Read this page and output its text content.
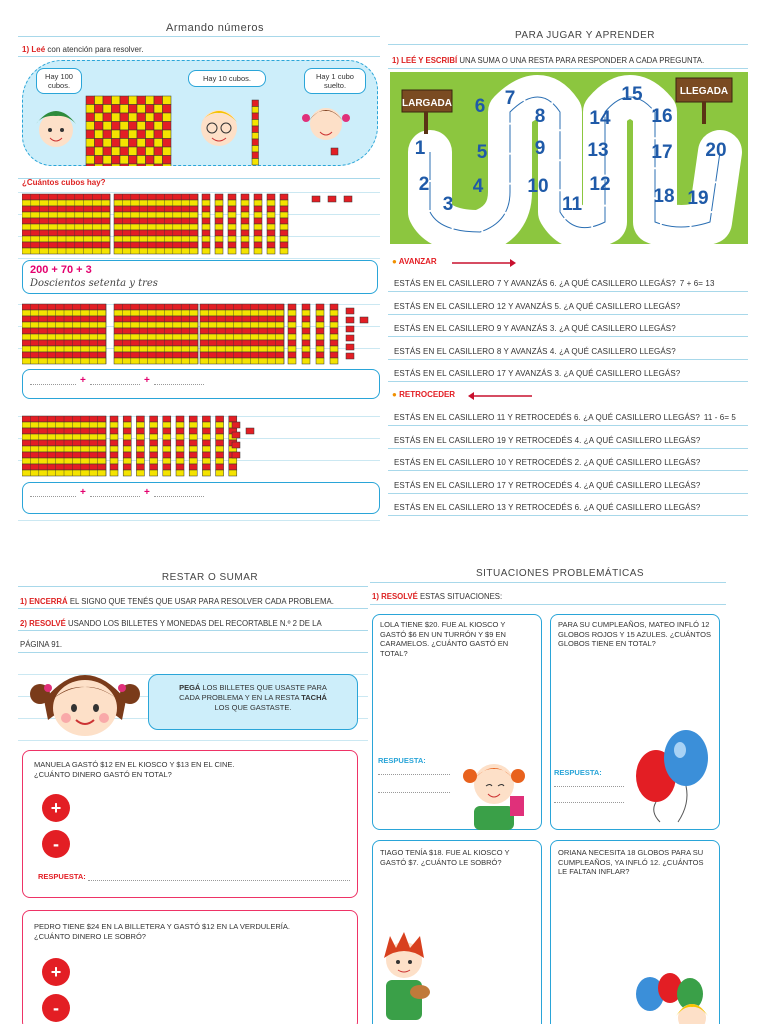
Armando números
1) Leé con atención para resolver.
Hay 100 cubos.
Hay 10 cubos.	Hay 1 cubo suelto.
¿Cuántos cubos hay?
200 + 70 + 3
Doscientos setenta y tres
+	+
+	+
PARA JUGAR Y APRENDER
1) LEÉ Y ESCRIBÍ UNA SUMA O UNA RESTA PARA RESPONDER A CADA PREGUNTA.
LARGADA
LLEGADA
1
2
3
4
5
6 7
8
9
10
11
12
13
14
15
16
17
18 19
20
● AVANZAR
ESTÁS EN EL CASILLERO 7 Y AVANZÁS 6. ¿A QUÉ CASILLERO LLEGÁS? 7 + 6= 13
ESTÁS EN EL CASILLERO 12 Y AVANZÁS 5. ¿A QUÉ CASILLERO LLEGÁS?
ESTÁS EN EL CASILLERO 9 Y AVANZÁS 3. ¿A QUÉ CASILLERO LLEGÁS?
ESTÁS EN EL CASILLERO 8 Y AVANZÁS 4. ¿A QUÉ CASILLERO LLEGÁS?
ESTÁS EN EL CASILLERO 17 Y AVANZÁS 3. ¿A QUÉ CASILLERO LLEGÁS?
● RETROCEDER
ESTÁS EN EL CASILLERO 11 Y RETROCEDÉS 6. ¿A QUÉ CASILLERO LLEGÁS? 11 - 6= 5
ESTÁS EN EL CASILLERO 19 Y RETROCEDÉS 4. ¿A QUÉ CASILLERO LLEGÁS?
ESTÁS EN EL CASILLERO 10 Y RETROCEDÉS 2. ¿A QUÉ CASILLERO LLEGÁS?
ESTÁS EN EL CASILLERO 17 Y RETROCEDÉS 4. ¿A QUÉ CASILLERO LLEGÁS?
ESTÁS EN EL CASILLERO 13 Y RETROCEDÉS 6. ¿A QUÉ CASILLERO LLEGÁS?
RESTAR O SUMAR
1) ENCERRÁ EL SIGNO QUE TENÉS QUE USAR PARA RESOLVER CADA PROBLEMA.
2) RESOLVÉ USANDO LOS BILLETES Y MONEDAS DEL RECORTABLE N.º 2 DE LA
PÁGINA 91.
PEGÁ LOS BILLETES QUE USASTE PARA CADA PROBLEMA Y EN LA RESTA TACHÁ LOS QUE GASTASTE.
MANUELA GASTÓ $12 EN EL KIOSCO Y $13 EN EL CINE. ¿CUÁNTO DINERO GASTÓ EN TOTAL?
+
-
RESPUESTA:
PEDRO TIENE $24 EN LA BILLETERA Y GASTÓ $12 EN LA VERDULERÍA. ¿CUÁNTO DINERO LE SOBRÓ?
+
-
SITUACIONES PROBLEMÁTICAS
1) RESOLVÉ ESTAS SITUACIONES:
LOLA TIENE $20. FUE AL KIOSCO Y GASTÓ $6 EN UN TURRÓN Y $9 EN CARAMELOS. ¿CUÁNTO GASTÓ EN TOTAL?
RESPUESTA:
PARA SU CUMPLEAÑOS, MATEO INFLÓ 12 GLOBOS ROJOS Y 15 AZULES. ¿CUÁNTOS GLOBOS TIENE EN TOTAL?
RESPUESTA:
TIAGO TENÍA $18. FUE AL KIOSCO Y GASTÓ $7. ¿CUÁNTO LE SOBRÓ?
ORIANA NECESITA 18 GLOBOS PARA SU CUMPLEAÑOS, YA INFLÓ 12. ¿CUÁNTOS LE FALTAN INFLAR?
